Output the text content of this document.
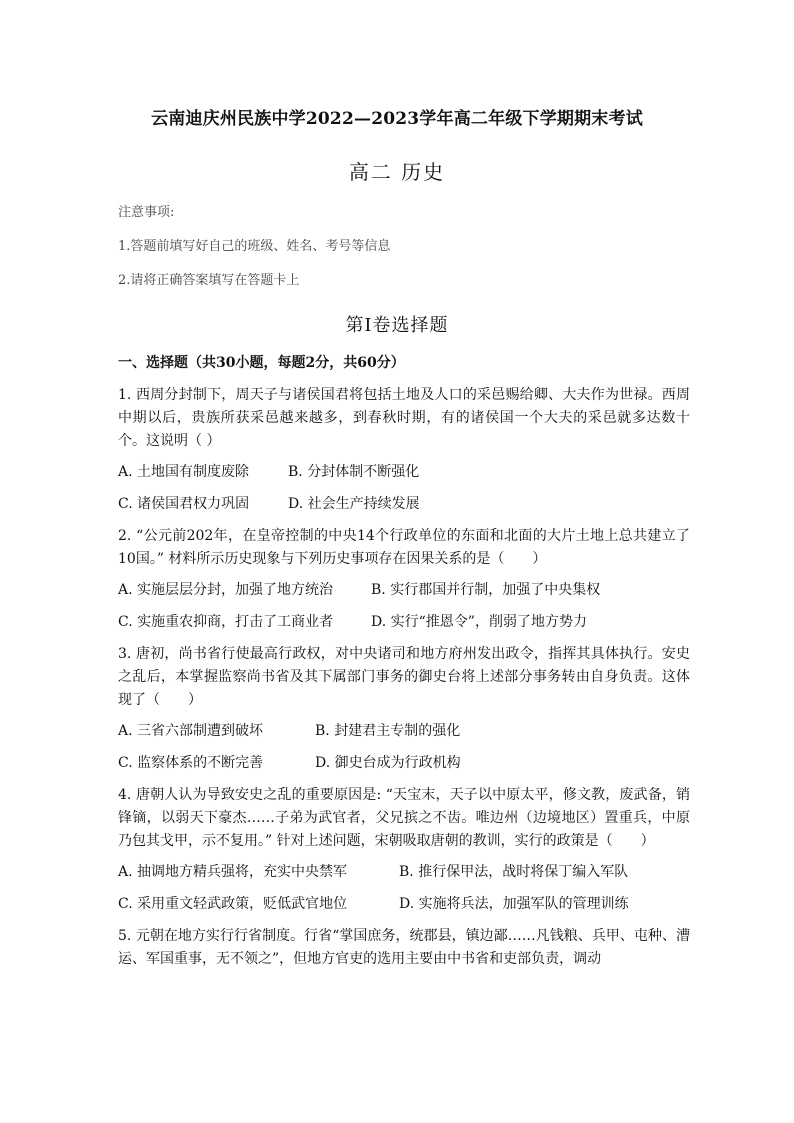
云南迪庆州民族中学2022—2023学年高二年级下学期期末考试
高二 历史
注意事项:
1.答题前填写好自己的班级、姓名、考号等信息
2.请将正确答案填写在答题卡上
第Ⅰ卷选择题
一、选择题（共30小题，每题2分，共60分）
1. 西周分封制下，周天子与诸侯国君将包括土地及人口的采邑赐给卿、大夫作为世禄。西周中期以后，贵族所获采邑越来越多，到春秋时期，有的诸侯国一个大夫的采邑就多达数十个。这说明（ ）
A. 土地国有制度废除	B. 分封体制不断强化
C. 诸侯国君权力巩固	D. 社会生产持续发展
2. “公元前202年，在皇帝控制的中央14个行政单位的东面和北面的大片土地上总共建立了10国。” 材料所示历史现象与下列历史事项存在因果关系的是（　　）
A. 实施层层分封，加强了地方统治	B. 实行郡国并行制，加强了中央集权
C. 实施重农抑商，打击了工商业者	D. 实行“推恩令”，削弱了地方势力
3. 唐初，尚书省行使最高行政权，对中央诸司和地方府州发出政令，指挥其具体执行。安史之乱后，本掌握监察尚书省及其下属部门事务的御史台将上述部分事务转由自身负责。这体现了（　　）
A. 三省六部制遭到破坏	B. 封建君主专制的强化
C. 监察体系的不断完善	D. 御史台成为行政机构
4. 唐朝人认为导致安史之乱的重要原因是: “天宝末，天子以中原太平，修文教，废武备，销锋镝，以弱天下豪杰……子弟为武官者，父兄摈之不齿。唯边州（边境地区）置重兵，中原乃包其戈甲，示不复用。” 针对上述问题，宋朝吸取唐朝的教训，实行的政策是（　　）
A. 抽调地方精兵强将，充实中央禁军	B. 推行保甲法，战时将保丁编入军队
C. 采用重文轻武政策，贬低武官地位	D. 实施将兵法，加强军队的管理训练
5. 元朝在地方实行行省制度。行省“掌国庶务，统郡县，镇边鄙……凡钱粮、兵甲、屯种、漕运、军国重事，无不领之”，但地方官吏的选用主要由中书省和吏部负责，调动
